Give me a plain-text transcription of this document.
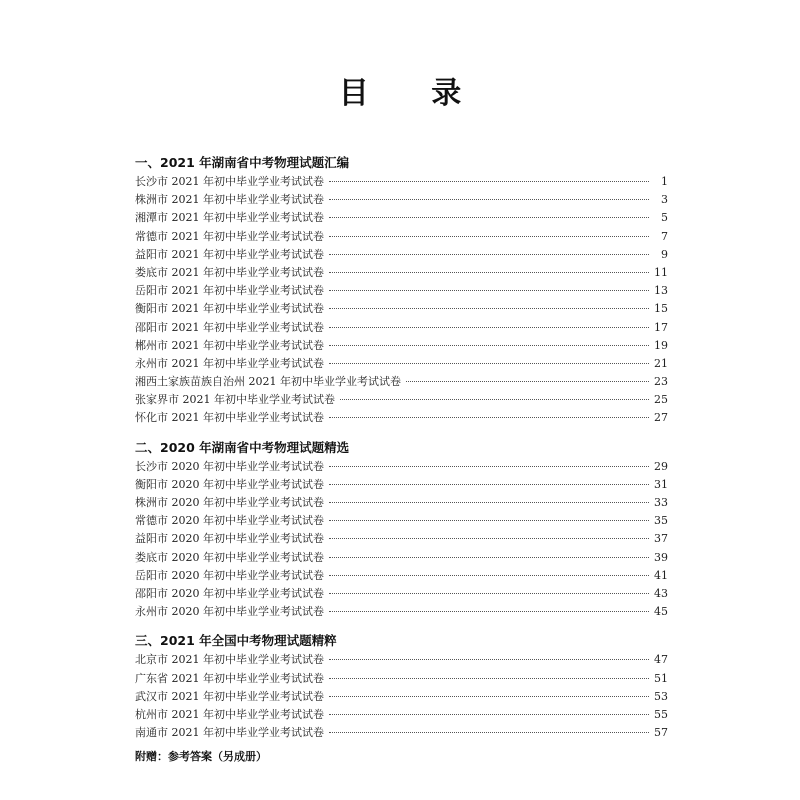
目 录
一、2021 年湖南省中考物理试题汇编
长沙市 2021 年初中毕业学业考试试卷	1
株洲市 2021 年初中毕业学业考试试卷	3
湘潭市 2021 年初中毕业学业考试试卷	5
常德市 2021 年初中毕业学业考试试卷	7
益阳市 2021 年初中毕业学业考试试卷	9
娄底市 2021 年初中毕业学业考试试卷	11
岳阳市 2021 年初中毕业学业考试试卷	13
衡阳市 2021 年初中毕业学业考试试卷	15
邵阳市 2021 年初中毕业学业考试试卷	17
郴州市 2021 年初中毕业学业考试试卷	19
永州市 2021 年初中毕业学业考试试卷	21
湘西土家族苗族自治州 2021 年初中毕业学业考试试卷	23
张家界市 2021 年初中毕业学业考试试卷	25
怀化市 2021 年初中毕业学业考试试卷	27
二、2020 年湖南省中考物理试题精选
长沙市 2020 年初中毕业学业考试试卷	29
衡阳市 2020 年初中毕业学业考试试卷	31
株洲市 2020 年初中毕业学业考试试卷	33
常德市 2020 年初中毕业学业考试试卷	35
益阳市 2020 年初中毕业学业考试试卷	37
娄底市 2020 年初中毕业学业考试试卷	39
岳阳市 2020 年初中毕业学业考试试卷	41
邵阳市 2020 年初中毕业学业考试试卷	43
永州市 2020 年初中毕业学业考试试卷	45
三、2021 年全国中考物理试题精粹
北京市 2021 年初中毕业学业考试试卷	47
广东省 2021 年初中毕业学业考试试卷	51
武汉市 2021 年初中毕业学业考试试卷	53
杭州市 2021 年初中毕业学业考试试卷	55
南通市 2021 年初中毕业学业考试试卷	57
附赠：参考答案（另成册）
